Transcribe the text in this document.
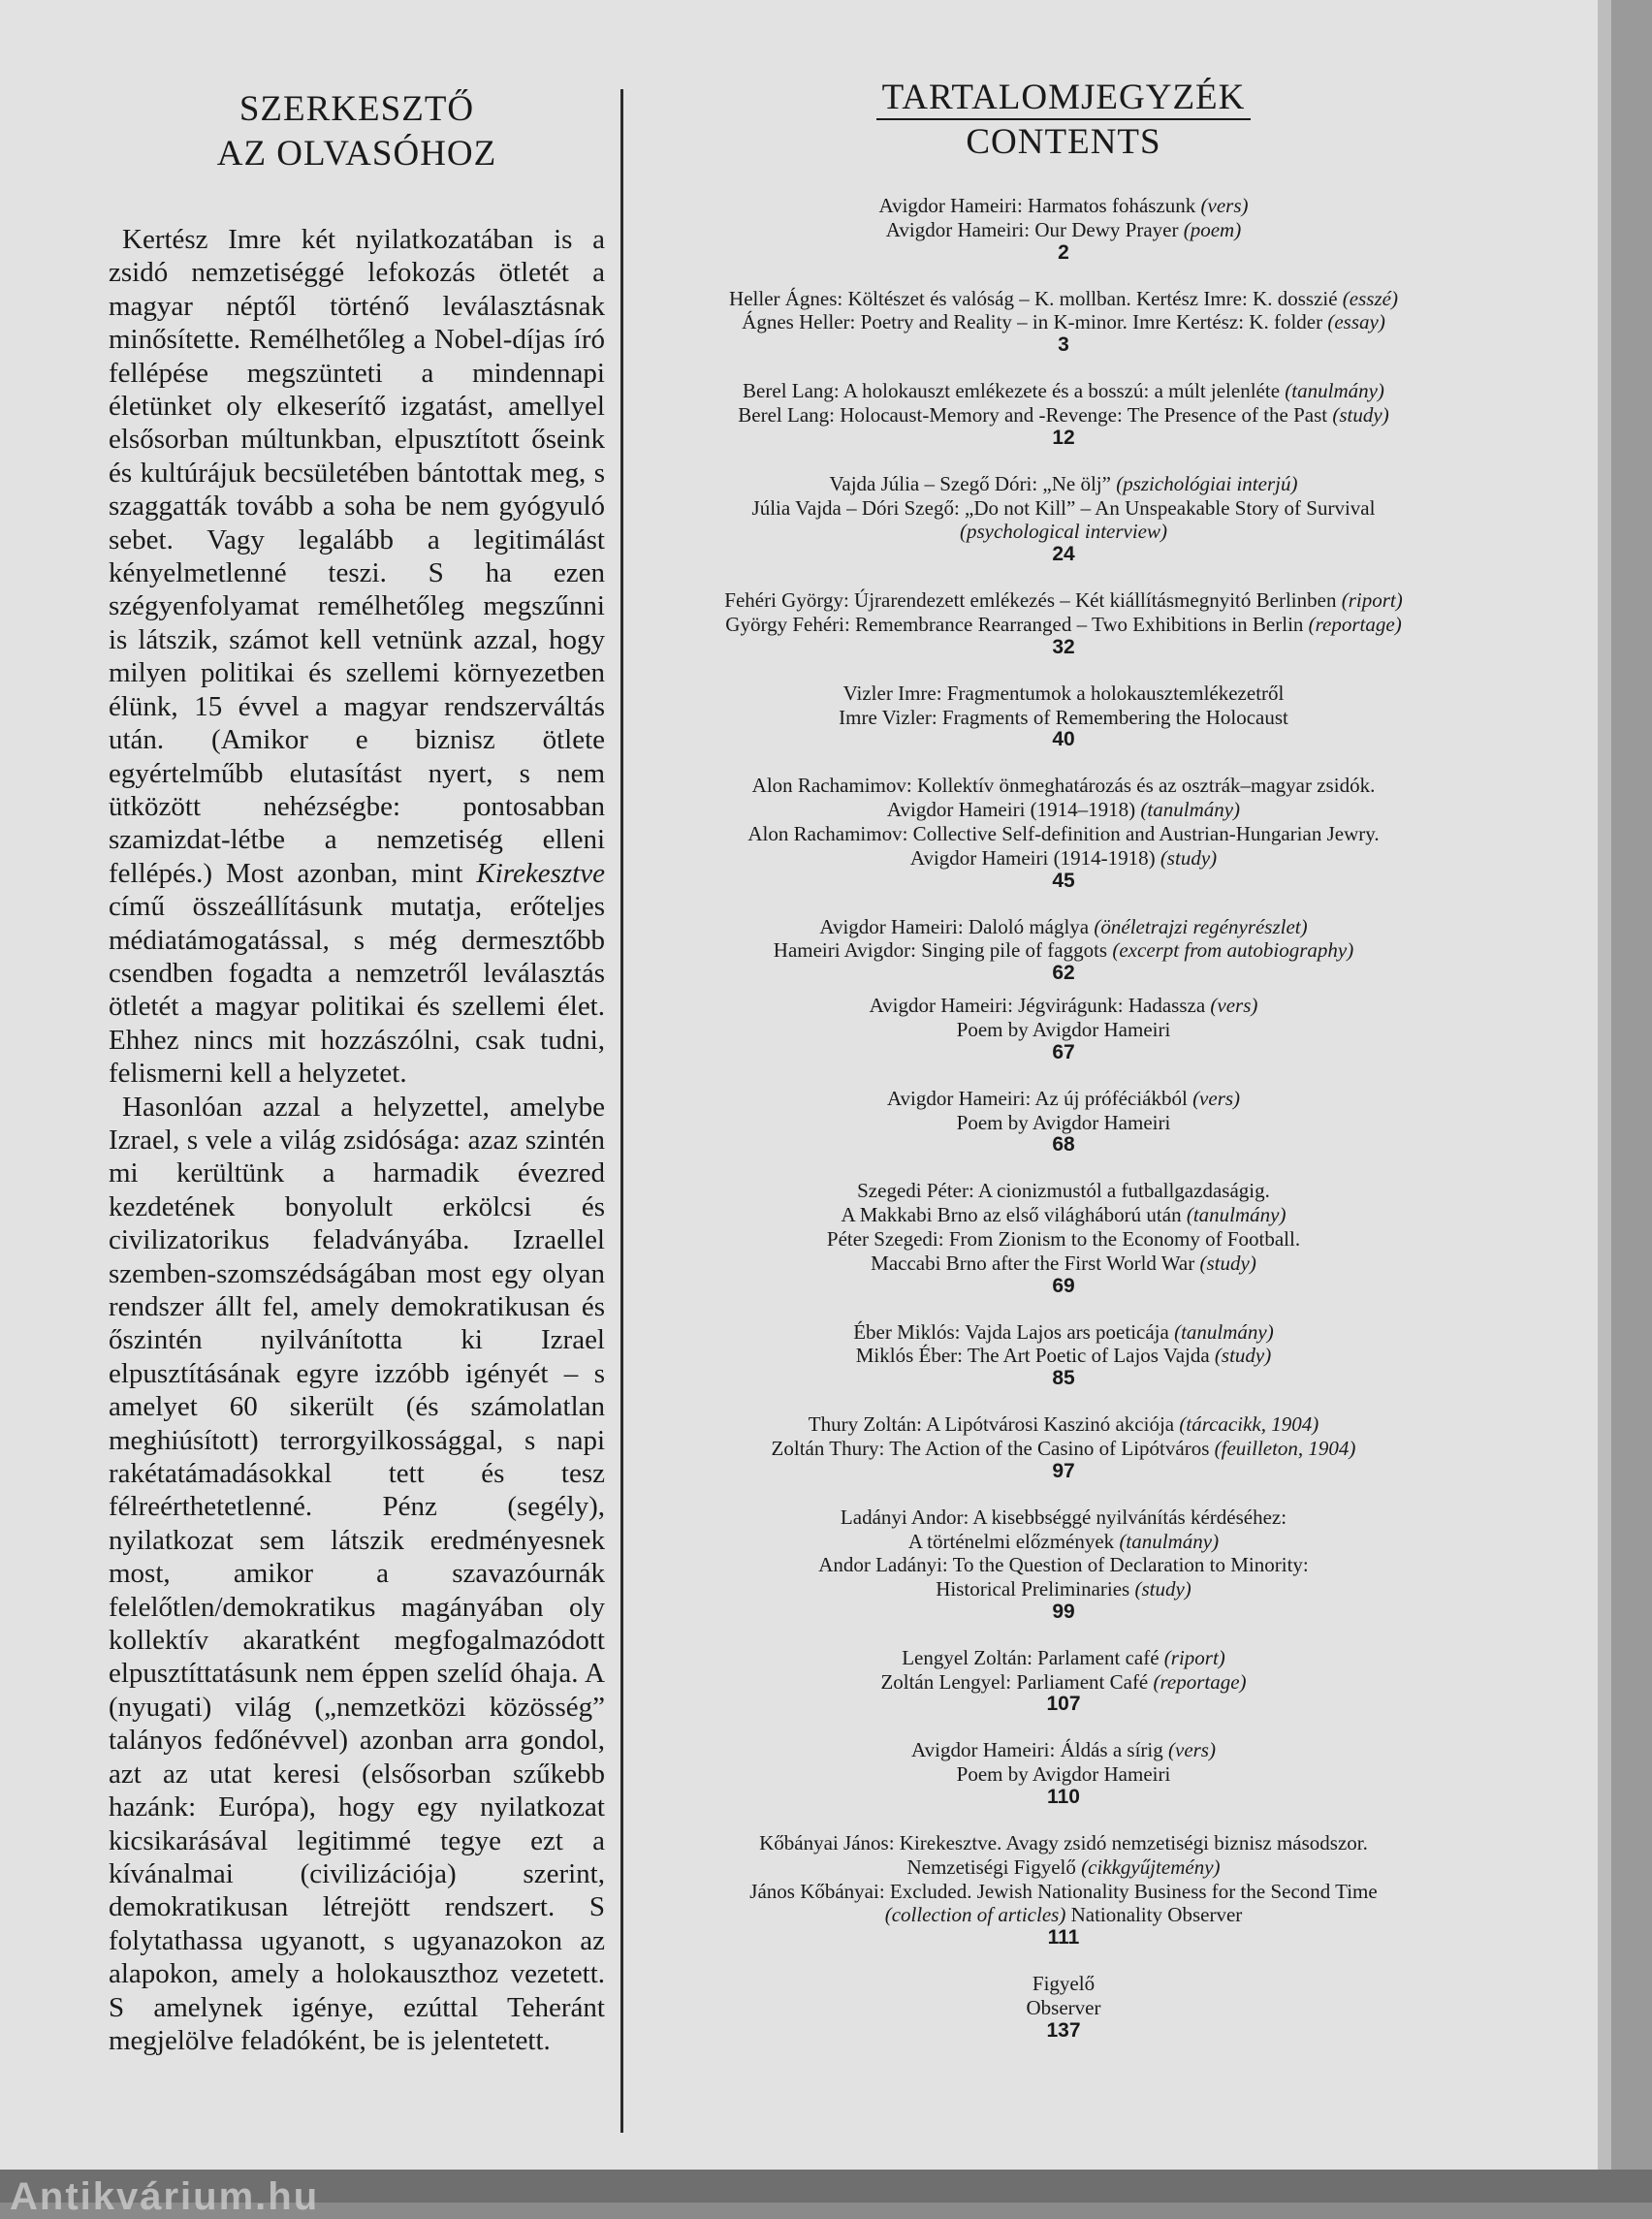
SZERKESZTŐ
AZ OLVASÓHOZ

Kertész Imre két nyilatkozatában is a zsidó nemzetiséggé lefokozás ötletét a magyar néptől történő leválasztásnak minősítette. Remélhetőleg a Nobel-díjas író fellépése megszünteti a mindennapi életünket oly elkeserítő izgatást, amellyel elsősorban múltunkban, elpusztított őseink és kultúrájuk becsületében bántottak meg, s szaggatták tovább a soha be nem gyógyuló sebet. Vagy legalább a legitimálást kényelmetlenné teszi. S ha ezen szégyenfolyamat remélhetőleg megszűnni is látszik, számot kell vetnünk azzal, hogy milyen politikai és szellemi környezetben élünk, 15 évvel a magyar rendszerváltás után. (Amikor e biznisz ötlete egyértelműbb elutasítást nyert, s nem ütközött nehézségbe: pontosabban szamizdat-létbe a nemzetiség elleni fellépés.) Most azonban, mint Kirekesztve című összeállításunk mutatja, erőteljes médiatámogatással, s még dermesztőbb csendben fogadta a nemzetről leválasztás ötletét a magyar politikai és szellemi élet. Ehhez nincs mit hozzászólni, csak tudni, felismerni kell a helyzetet.

Hasonlóan azzal a helyzettel, amelybe Izrael, s vele a világ zsidósága: azaz szintén mi kerültünk a harmadik évezred kezdetének bonyolult erkölcsi és civilizatorikus feladványába. Izraellel szemben-szomszédságában most egy olyan rendszer állt fel, amely demokratikusan és őszintén nyilvánította ki Izrael elpusztításának egyre izzóbb igényét – s amelyet 60 sikerült (és számolatlan meghiúsított) terrorgyilkossággal, s napi rakétatámadásokkal tett és tesz félreérthetetlenné. Pénz (segély), nyilatkozat sem látszik eredményesnek most, amikor a szavazóurnák felelőtlen/demokratikus magányában oly kollektív akaratként megfogalmazódott elpusztíttatásunk nem éppen szelíd óhaja. A (nyugati) világ („nemzetközi közösség” talányos fedőnévvel) azonban arra gondol, azt az utat keresi (elsősorban szűkebb hazánk: Európa), hogy egy nyilatkozat kicsikarásával legitimmé tegye ezt a kívánalmai (civilizációja) szerint, demokratikusan létrejött rendszert. S folytathassa ugyanott, s ugyanazokon az alapokon, amely a holokauszthoz vezetett. S amelynek igénye, ezúttal Teheránt megjelölve feladóként, be is jelentetett.

TARTALOMJEGYZÉK
CONTENTS
Avigdor Hameiri: Harmatos fohászunk (vers)
Avigdor Hameiri: Our Dewy Prayer (poem)
2
Heller Ágnes: Költészet és valóság – K. mollban. Kertész Imre: K. dosszié (esszé)
Ágnes Heller: Poetry and Reality – in K-minor. Imre Kertész: K. folder (essay)
3
Berel Lang: A holokauszt emlékezete és a bosszú: a múlt jelenléte (tanulmány)
Berel Lang: Holocaust-Memory and -Revenge: The Presence of the Past (study)
12
Vajda Júlia – Szegő Dóri: „Ne ölj” (pszichológiai interjú)
Júlia Vajda – Dóri Szegő: „Do not Kill” – An Unspeakable Story of Survival
(psychological interview)
24
Fehéri György: Újrarendezett emlékezés – Két kiállításmegnyitó Berlinben (riport)
György Fehéri: Remembrance Rearranged – Two Exhibitions in Berlin (reportage)
32
Vizler Imre: Fragmentumok a holokausztemlékezetről
Imre Vizler: Fragments of Remembering the Holocaust
40
Alon Rachamimov: Kollektív önmeghatározás és az osztrák–magyar zsidók.
Avigdor Hameiri (1914–1918) (tanulmány)
Alon Rachamimov: Collective Self-definition and Austrian-Hungarian Jewry.
Avigdor Hameiri (1914-1918) (study)
45
Avigdor Hameiri: Daloló máglya (önéletrajzi regényrészlet)
Hameiri Avigdor: Singing pile of faggots (excerpt from autobiography)
62
Avigdor Hameiri: Jégvirágunk: Hadassza (vers)
Poem by Avigdor Hameiri
67
Avigdor Hameiri: Az új próféciákból (vers)
Poem by Avigdor Hameiri
68
Szegedi Péter: A cionizmustól a futballgazdaságig.
A Makkabi Brno az első világháború után (tanulmány)
Péter Szegedi: From Zionism to the Economy of Football.
Maccabi Brno after the First World War (study)
69
Éber Miklós: Vajda Lajos ars poeticája (tanulmány)
Miklós Éber: The Art Poetic of Lajos Vajda (study)
85
Thury Zoltán: A Lipótvárosi Kaszinó akciója (tárcacikk, 1904)
Zoltán Thury: The Action of the Casino of Lipótváros (feuilleton, 1904)
97
Ladányi Andor: A kisebbséggé nyilvánítás kérdéséhez:
A történelmi előzmények (tanulmány)
Andor Ladányi: To the Question of Declaration to Minority:
Historical Preliminaries (study)
99
Lengyel Zoltán: Parlament café (riport)
Zoltán Lengyel: Parliament Café (reportage)
107
Avigdor Hameiri: Áldás a sírig (vers)
Poem by Avigdor Hameiri
110
Kőbányai János: Kirekesztve. Avagy zsidó nemzetiségi biznisz másodszor.
Nemzetiségi Figyelő (cikkgyűjtemény)
János Kőbányai: Excluded. Jewish Nationality Business for the Second Time
(collection of articles) Nationality Observer
111
Figyelő
Observer
137
Antikvárium.hu
